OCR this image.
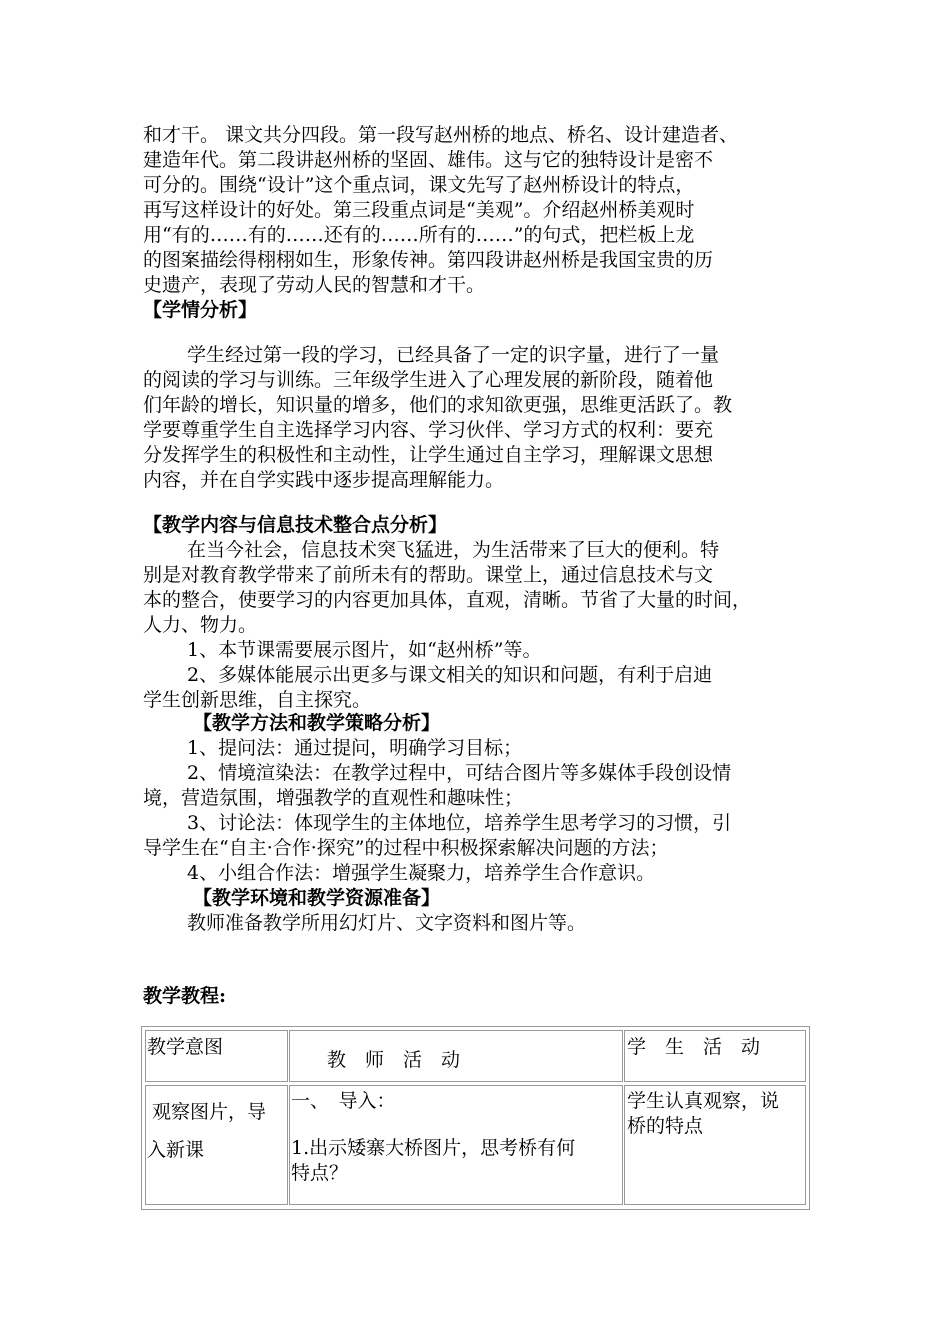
和才干。 课文共分四段。第一段写赵州桥的地点、桥名、设计建造者、
建造年代。第二段讲赵州桥的坚固、雄伟。这与它的独特设计是密不
可分的。围绕“设计”这个重点词，课文先写了赵州桥设计的特点，
再写这样设计的好处。第三段重点词是“美观”。介绍赵州桥美观时
用“有的……有的……还有的……所有的……”的句式，把栏板上龙
的图案描绘得栩栩如生，形象传神。第四段讲赵州桥是我国宝贵的历
史遗产，表现了劳动人民的智慧和才干。
【学情分析】
学生经过第一段的学习，已经具备了一定的识字量，进行了一量
的阅读的学习与训练。三年级学生进入了心理发展的新阶段，随着他
们年龄的增长，知识量的增多，他们的求知欲更强，思维更活跃了。教
学要尊重学生自主选择学习内容、学习伙伴、学习方式的权利：要充
分发挥学生的积极性和主动性，让学生通过自主学习，理解课文思想
内容，并在自学实践中逐步提高理解能力。
【教学内容与信息技术整合点分析】
在当今社会，信息技术突飞猛进，为生活带来了巨大的便利。特
别是对教育教学带来了前所未有的帮助。课堂上，通过信息技术与文
本的整合，使要学习的内容更加具体，直观，清晰。节省了大量的时间，
人力、物力。
1、本节课需要展示图片，如“赵州桥”等。
2、多媒体能展示出更多与课文相关的知识和问题，有利于启迪
学生创新思维，自主探究。
【教学方法和教学策略分析】
1、提问法：通过提问，明确学习目标；
2、情境渲染法：在教学过程中，可结合图片等多媒体手段创设情
境，营造氛围，增强教学的直观性和趣味性；
3、讨论法：体现学生的主体地位，培养学生思考学习的习惯，引
导学生在“自主·合作·探究”的过程中积极探索解决问题的方法；
4、小组合作法：增强学生凝聚力，培养学生合作意识。
【教学环境和教学资源准备】
教师准备教学所用幻灯片、文字资料和图片等。
教学教程:
教学意图
教　师　活　动
学　生　活　动
观察图片，导
入新课
一、　导入：
1.出示矮寨大桥图片，思考桥有何
特点？
学生认真观察，说
桥的特点
